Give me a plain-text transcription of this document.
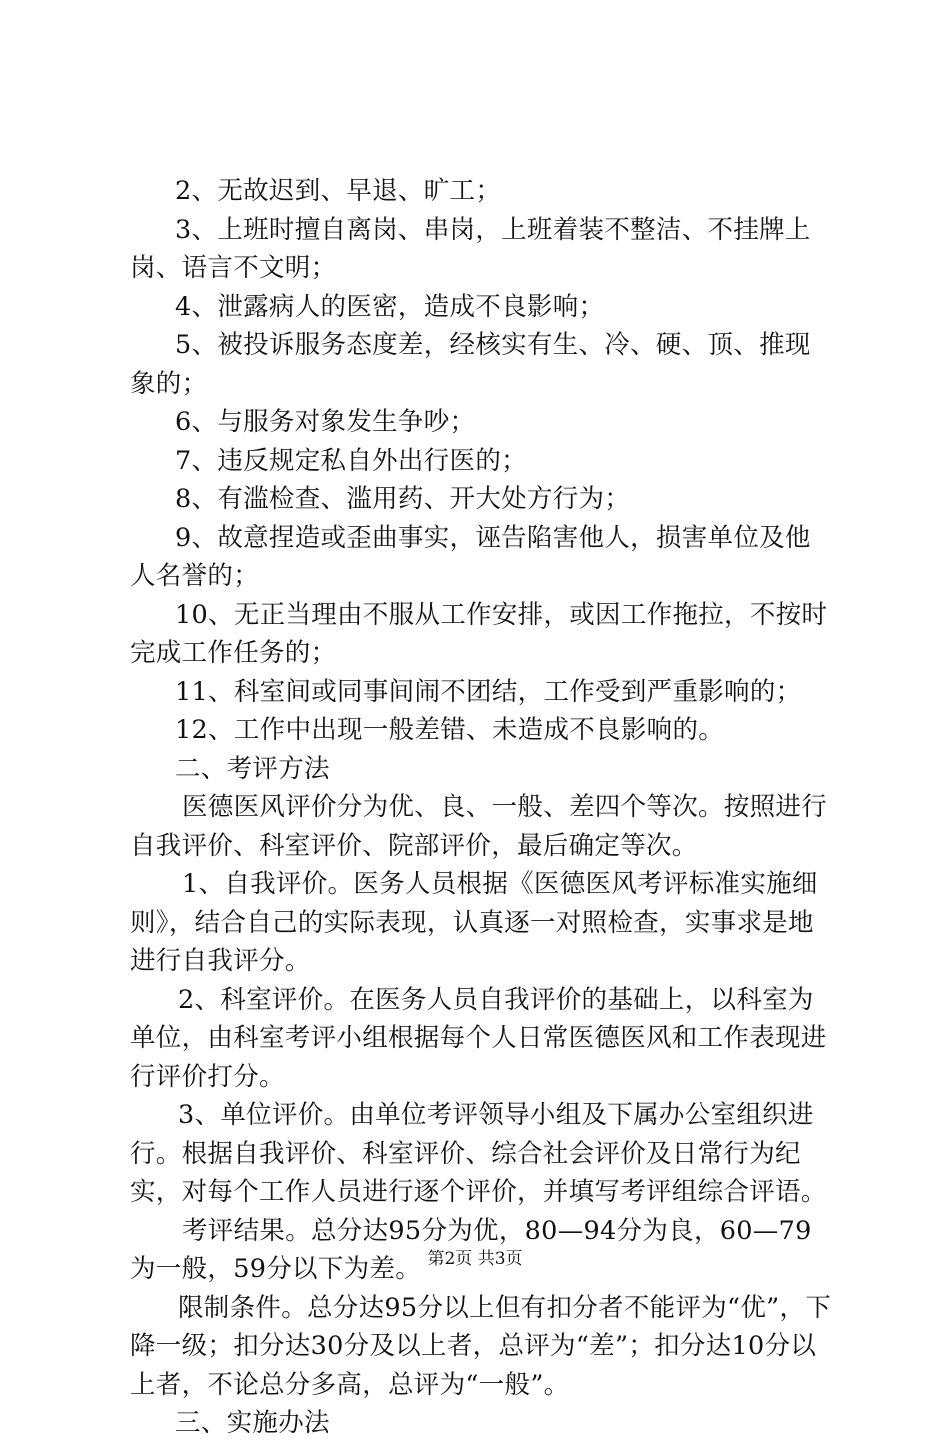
2、无故迟到、早退、旷工；

3、上班时擅自离岗、串岗，上班着装不整洁、不挂牌上岗、语言不文明；

4、泄露病人的医密，造成不良影响；

5、被投诉服务态度差，经核实有生、冷、硬、顶、推现象的；

6、与服务对象发生争吵；

7、违反规定私自外出行医的；

8、有滥检查、滥用药、开大处方行为；

9、故意捏造或歪曲事实，诬告陷害他人，损害单位及他人名誉的；

10、无正当理由不服从工作安排，或因工作拖拉，不按时完成工作任务的；

11、科室间或同事间闹不团结，工作受到严重影响的；

12、工作中出现一般差错、未造成不良影响的。

二、考评方法

医德医风评价分为优、良、一般、差四个等次。按照进行自我评价、科室评价、院部评价，最后确定等次。

1、自我评价。医务人员根据《医德医风考评标准实施细则》，结合自己的实际表现，认真逐一对照检查，实事求是地进行自我评分。

2、科室评价。在医务人员自我评价的基础上，以科室为单位，由科室考评小组根据每个人日常医德医风和工作表现进行评价打分。

3、单位评价。由单位考评领导小组及下属办公室组织进行。根据自我评价、科室评价、综合社会评价及日常行为纪实，对每个工作人员进行逐个评价，并填写考评组综合评语。

考评结果。总分达95分为优，80—94分为良，60—79为一般，59分以下为差。

限制条件。总分达95分以上但有扣分者不能评为“优”，下降一级；扣分达30分及以上者，总评为“差”；扣分达10分以上者，不论总分多高，总评为“一般”。

三、实施办法

第2页 共3页
